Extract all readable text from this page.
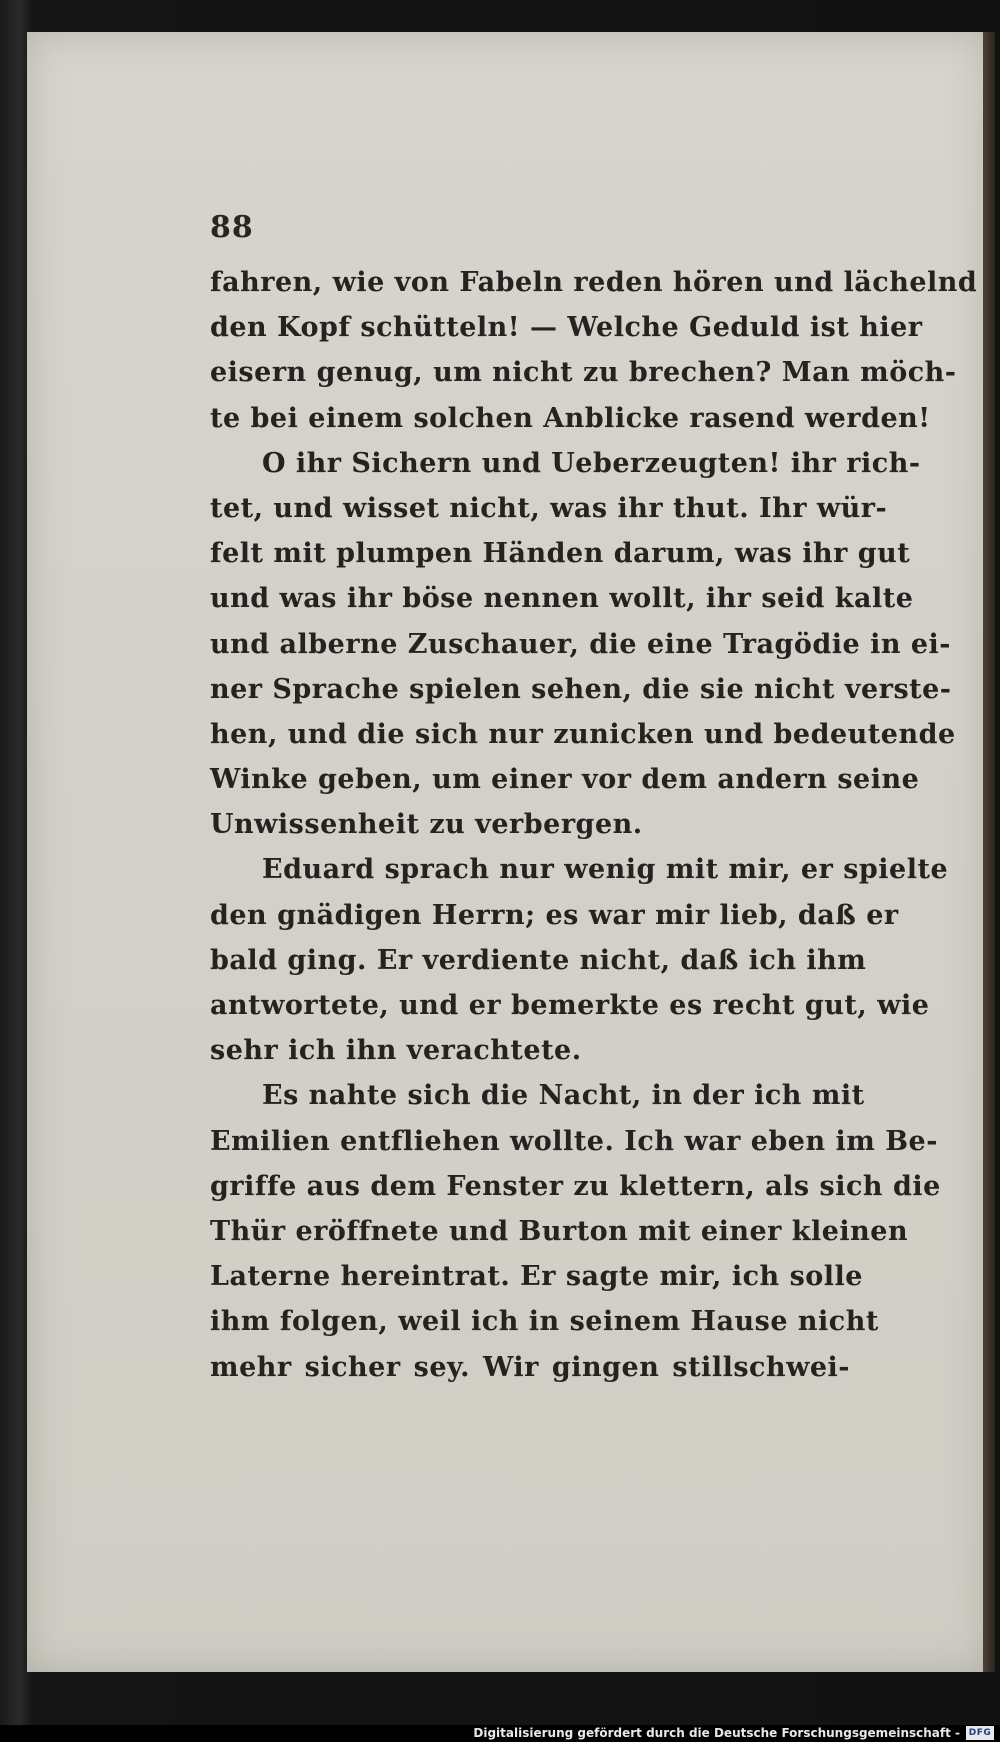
88
fahren, wie von Fabeln reden hören und lächelnd
den Kopf schütteln! — Welche Geduld ist hier
eisern genug, um nicht zu brechen? Man möch-
te bei einem solchen Anblicke rasend werden!
O ihr Sichern und Ueberzeugten! ihr rich-
tet, und wisset nicht, was ihr thut. Ihr wür-
felt mit plumpen Händen darum, was ihr gut
und was ihr böse nennen wollt, ihr seid kalte
und alberne Zuschauer, die eine Tragödie in ei-
ner Sprache spielen sehen, die sie nicht verste-
hen, und die sich nur zunicken und bedeutende
Winke geben, um einer vor dem andern seine
Unwissenheit zu verbergen.
Eduard sprach nur wenig mit mir, er spielte
den gnädigen Herrn; es war mir lieb, daß er
bald ging. Er verdiente nicht, daß ich ihm
antwortete, und er bemerkte es recht gut, wie
sehr ich ihn verachtete.
Es nahte sich die Nacht, in der ich mit
Emilien entfliehen wollte. Ich war eben im Be-
griffe aus dem Fenster zu klettern, als sich die
Thür eröffnete und Burton mit einer kleinen
Laterne hereintrat. Er sagte mir, ich solle
ihm folgen, weil ich in seinem Hause nicht
mehr sicher sey. Wir gingen stillschwei-
Digitalisierung gefördert durch die Deutsche Forschungsgemeinschaft - DFG
